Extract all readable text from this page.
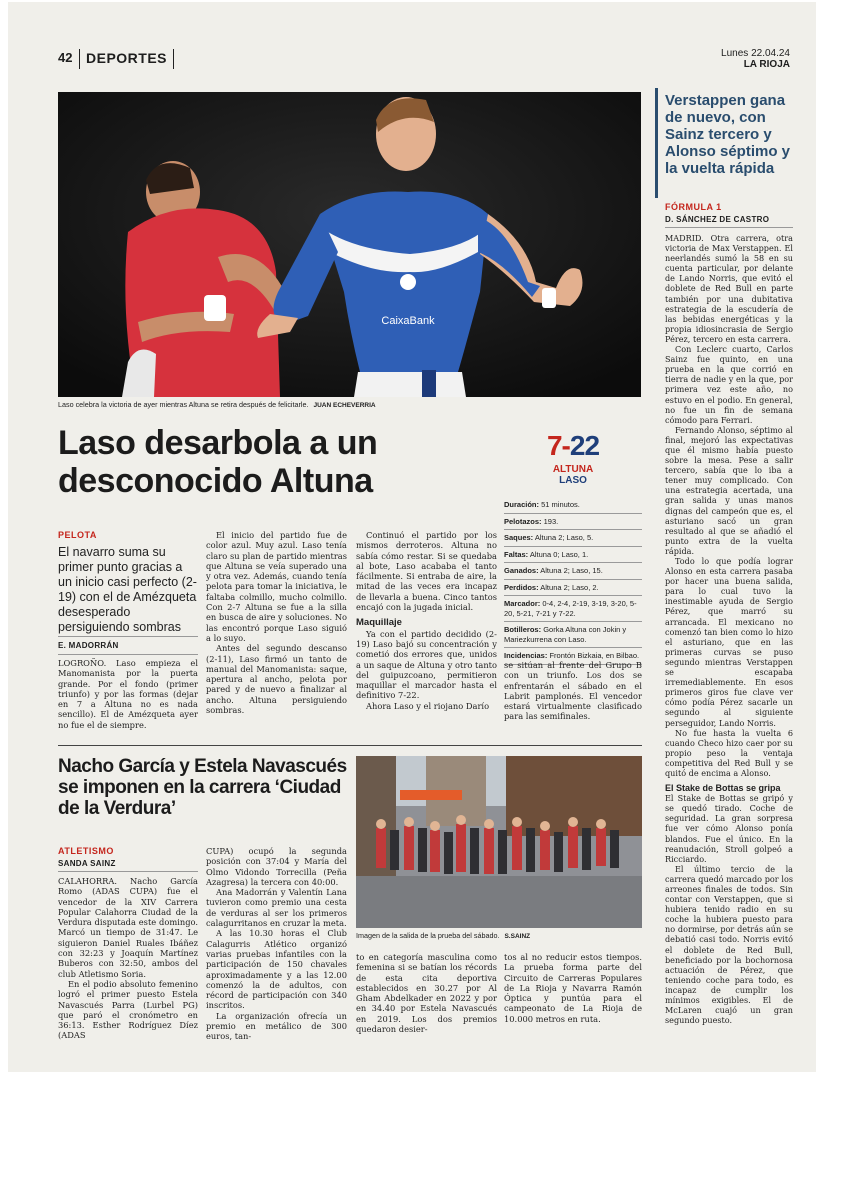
42 DEPORTES	Lunes 22.04.24
LA RIOJA
CaixaBank
Laso celebra la victoria de ayer mientras Altuna se retira después de felicitarle. JUAN ECHEVERRIA
Laso desarbola a un desconocido Altuna
7-22
ALTUNA
LASO
Duración: 51 minutos.
Pelotazos: 193.
Saques: Altuna 2; Laso, 5.
Faltas: Altuna 0; Laso, 1.
Ganados: Altuna 2; Laso, 15.
Perdidos: Altuna 2; Laso, 2.
Marcador: 0-4, 2-4, 2-19, 3-19, 3-20, 5-20, 5-21, 7-21 y 7-22.
Botilleros: Gorka Altuna con Jokin y Mariezkurrena con Laso.
Incidencias: Frontón Bizkaia, en Bilbao.
PELOTA
El navarro suma su primer punto gracias a un inicio casi perfecto (2-19) con el de Amézqueta desesperado persiguiendo sombras
E. MADORRÁN

LOGROÑO. Laso empieza el Manomanista por la puerta grande. Por el fondo (primer triunfo) y por las formas (dejar en 7 a Altuna no es nada sencillo). El de Amézqueta ayer no fue el de siempre.

El inicio del partido fue de color azul. Muy azul. Laso tenía claro su plan de partido mientras que Altuna se veía superado una y otra vez. Además, cuando tenía pelota para tomar la iniciativa, le faltaba colmillo, mucho colmillo. Con 2-7 Altuna se fue a la silla en busca de aire y soluciones. No las encontró porque Laso siguió a lo suyo.

Antes del segundo descanso (2-11), Laso firmó un tanto de manual del Manomanista: saque, apertura al ancho, pelota por pared y de nuevo a finalizar al ancho. Altuna persiguiendo sombras.

Continuó el partido por los mismos derroteros. Altuna no sabía cómo restar. Si se quedaba al bote, Laso acababa el tanto fácilmente. Si entraba de aire, la mitad de las veces era incapaz de llevarla a buena. Cinco tantos encajó con la jugada inicial.

Maquillaje

Ya con el partido decidido (2-19) Laso bajó su concentración y cometió dos errores que, unidos a un saque de Altuna y otro tanto del guipuzcoano, permitieron maquillar el marcador hasta el definitivo 7-22.

Ahora Laso y el riojano Darío

se sitúan al frente del Grupo B con un triunfo. Los dos se enfrentarán el sábado en el Labrit pamplonés. El vencedor estará virtualmente clasificado para las semifinales.

Nacho García y Estela Navascués se imponen en la carrera ‘Ciudad de la Verdura’
ATLETISMO
SANDA SAINZ

CALAHORRA. Nacho García Romo (ADAS CUPA) fue el vencedor de la XIV Carrera Popular Calahorra Ciudad de la Verdura disputada este domingo. Marcó un tiempo de 31:47. Le siguieron Daniel Ruales Ibáñez con 32:23 y Joaquín Martínez Buberos con 32:50, ambos del club Atletismo Soria.

En el podio absoluto femenino logró el primer puesto Estela Navascués Parra (Lurbel PG) que paró el cronómetro en 36:13. Esther Rodríguez Díez (ADAS

CUPA) ocupó la segunda posición con 37:04 y María del Olmo Vidondo Torrecilla (Peña Azagresa) la tercera con 40:00.

Ana Madorrán y Valentín Lana tuvieron como premio una cesta de verduras al ser los primeros calagurritanos en cruzar la meta.

A las 10.30 horas el Club Calagurris Atlético organizó varias pruebas infantiles con la participación de 150 chavales aproximadamente y a las 12.00 comenzó la de adultos, con récord de participación con 340 inscritos.

La organización ofrecía un premio en metálico de 300 euros, tan-

Imagen de la salida de la prueba del sábado. S.SAINZ

to en categoría masculina como femenina si se batían los récords de esta cita deportiva establecidos en 30.27 por Al Gham Abdelkader en 2022 y por en 34.40 por Estela Navascués en 2019. Los dos premios quedaron desier-

tos al no reducir estos tiempos. La prueba forma parte del Circuito de Carreras Populares de La Rioja y Navarra Ramón Óptica y puntúa para el campeonato de La Rioja de 10.000 metros en ruta.

Verstappen gana de nuevo, con Sainz tercero y Alonso séptimo y la vuelta rápida
FÓRMULA 1
D. SÁNCHEZ DE CASTRO

MADRID. Otra carrera, otra victoria de Max Verstappen. El neerlandés sumó la 58 en su cuenta particular, por delante de Lando Norris, que evitó el doblete de Red Bull en parte también por una dubitativa estrategia de la escudería de las bebidas energéticas y la propia idiosincrasia de Sergio Pérez, tercero en esta carrera.

Con Leclerc cuarto, Carlos Sainz fue quinto, en una prueba en la que corrió en tierra de nadie y en la que, por primera vez este año, no estuvo en el podio. En general, no fue un fin de semana cómodo para Ferrari.

Fernando Alonso, séptimo al final, mejoró las expectativas que él mismo había puesto sobre la mesa. Pese a salir tercero, sabía que lo iba a tener muy complicado. Con una estrategia acertada, una gran salida y unas manos dignas del campeón que es, el asturiano sacó un gran resultado al que se añadió el punto extra de la vuelta rápida.

Todo lo que podía lograr Alonso en esta carrera pasaba por hacer una buena salida, para lo cual tuvo la inestimable ayuda de Sergio Pérez, que marró su arrancada. El mexicano no comenzó tan bien como lo hizo el asturiano, que en las primeras curvas se puso segundo mientras Verstappen se escapaba irremediablemente. En esos primeros giros fue clave ver cómo podía Pérez sacarle un segundo al siguiente perseguidor, Lando Norris.

No fue hasta la vuelta 6 cuando Checo hizo caer por su propio peso la ventaja competitiva del Red Bull y se quitó de encima a Alonso.

El Stake de Bottas se gripa

El Stake de Bottas se gripó y se quedó tirado. Coche de seguridad. La gran sorpresa fue ver cómo Alonso ponía blandos. Fue el único. En la reanudación, Stroll golpeó a Ricciardo.

El último tercio de la carrera quedó marcado por los arreones finales de todos. Sin contar con Verstappen, que si hubiera tenido radio en su coche la hubiera puesto para no dormirse, por detrás aún se debatió casi todo. Norris evitó el doblete de Red Bull, beneficiado por la bochornosa actuación de Pérez, que teniendo coche para todo, es incapaz de cumplir los mínimos exigibles. El de McLaren cuajó un gran segundo puesto.
